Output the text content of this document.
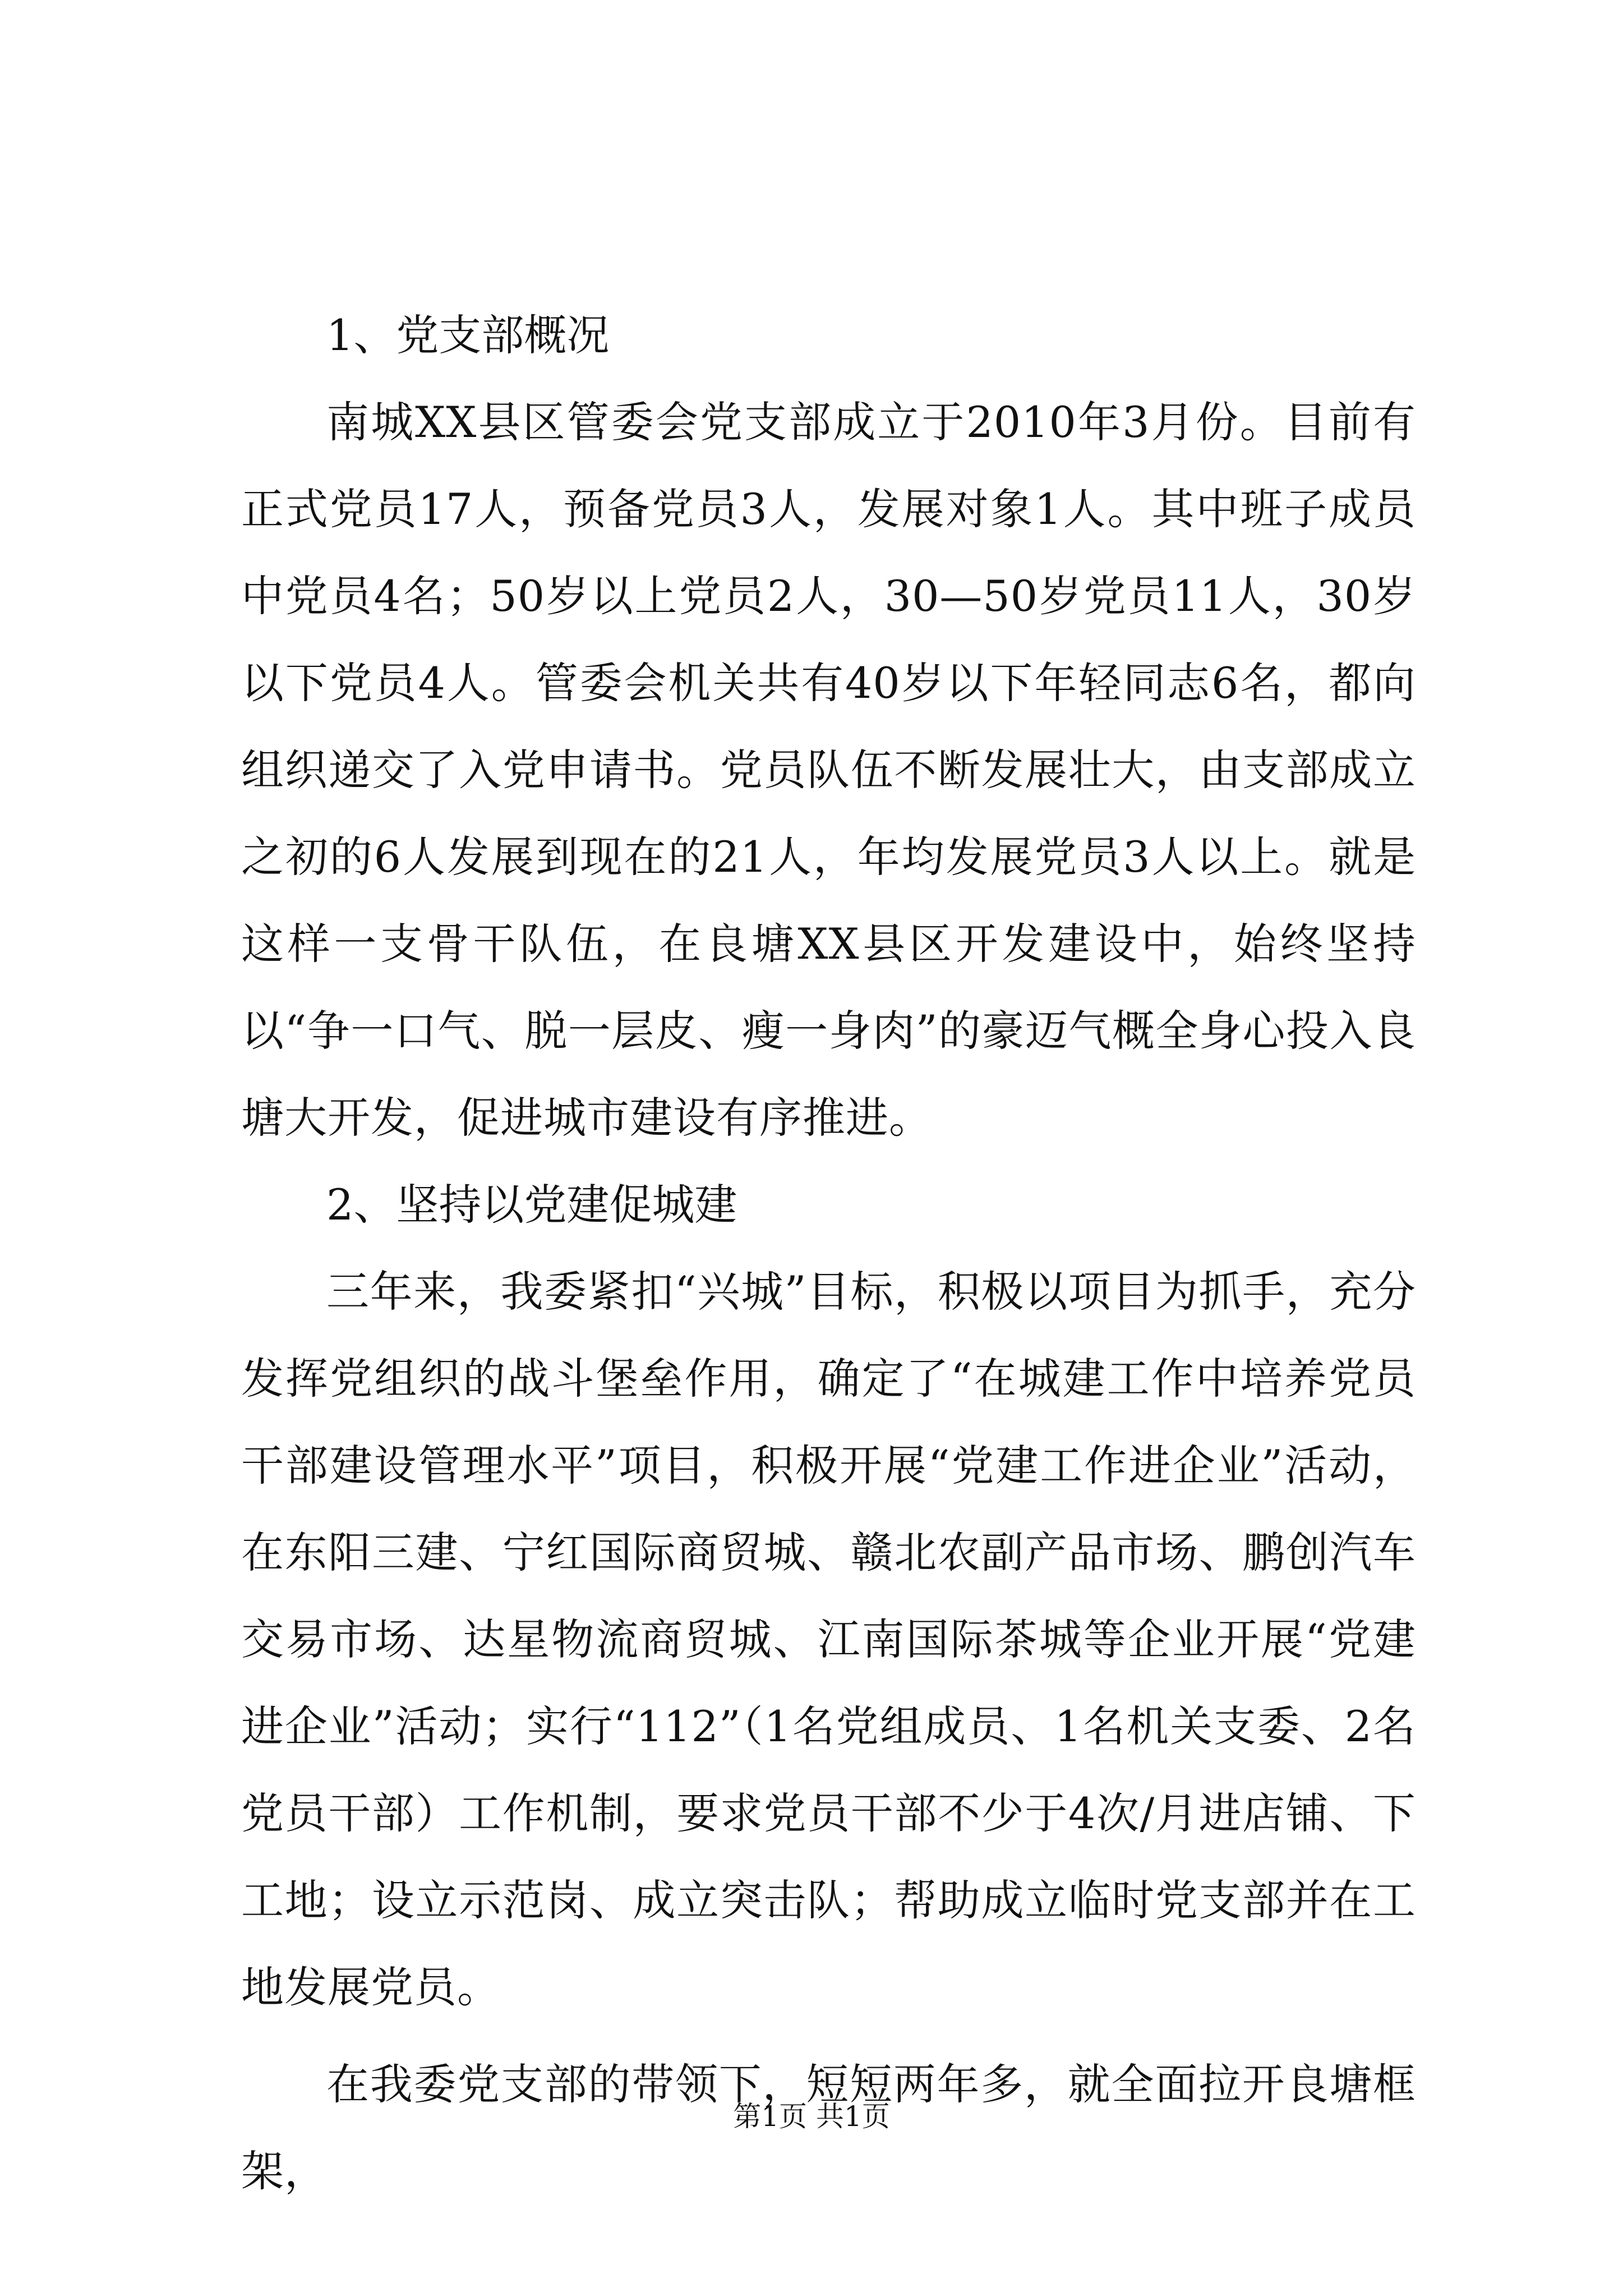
1、党支部概况

南城XX县区管委会党支部成立于2010年3月份。目前有正式党员17人，预备党员3人，发展对象1人。其中班子成员中党员4名；50岁以上党员2人，30—50岁党员11人，30岁以下党员4人。管委会机关共有40岁以下年轻同志6名，都向组织递交了入党申请书。党员队伍不断发展壮大，由支部成立之初的6人发展到现在的21人，年均发展党员3人以上。就是这样一支骨干队伍，在良塘XX县区开发建设中，始终坚持以“争一口气、脱一层皮、瘦一身肉”的豪迈气概全身心投入良塘大开发，促进城市建设有序推进。

2、坚持以党建促城建

三年来，我委紧扣“兴城”目标，积极以项目为抓手，充分发挥党组织的战斗堡垒作用，确定了“在城建工作中培养党员干部建设管理水平”项目，积极开展“党建工作进企业”活动，在东阳三建、宁红国际商贸城、赣北农副产品市场、鹏创汽车交易市场、达星物流商贸城、江南国际茶城等企业开展“党建进企业”活动；实行“112”（1名党组成员、1名机关支委、2名党员干部）工作机制，要求党员干部不少于4次/月进店铺、下工地；设立示范岗、成立突击队；帮助成立临时党支部并在工地发展党员。

在我委党支部的带领下，短短两年多，就全面拉开良塘框架，

第1页 共1页
